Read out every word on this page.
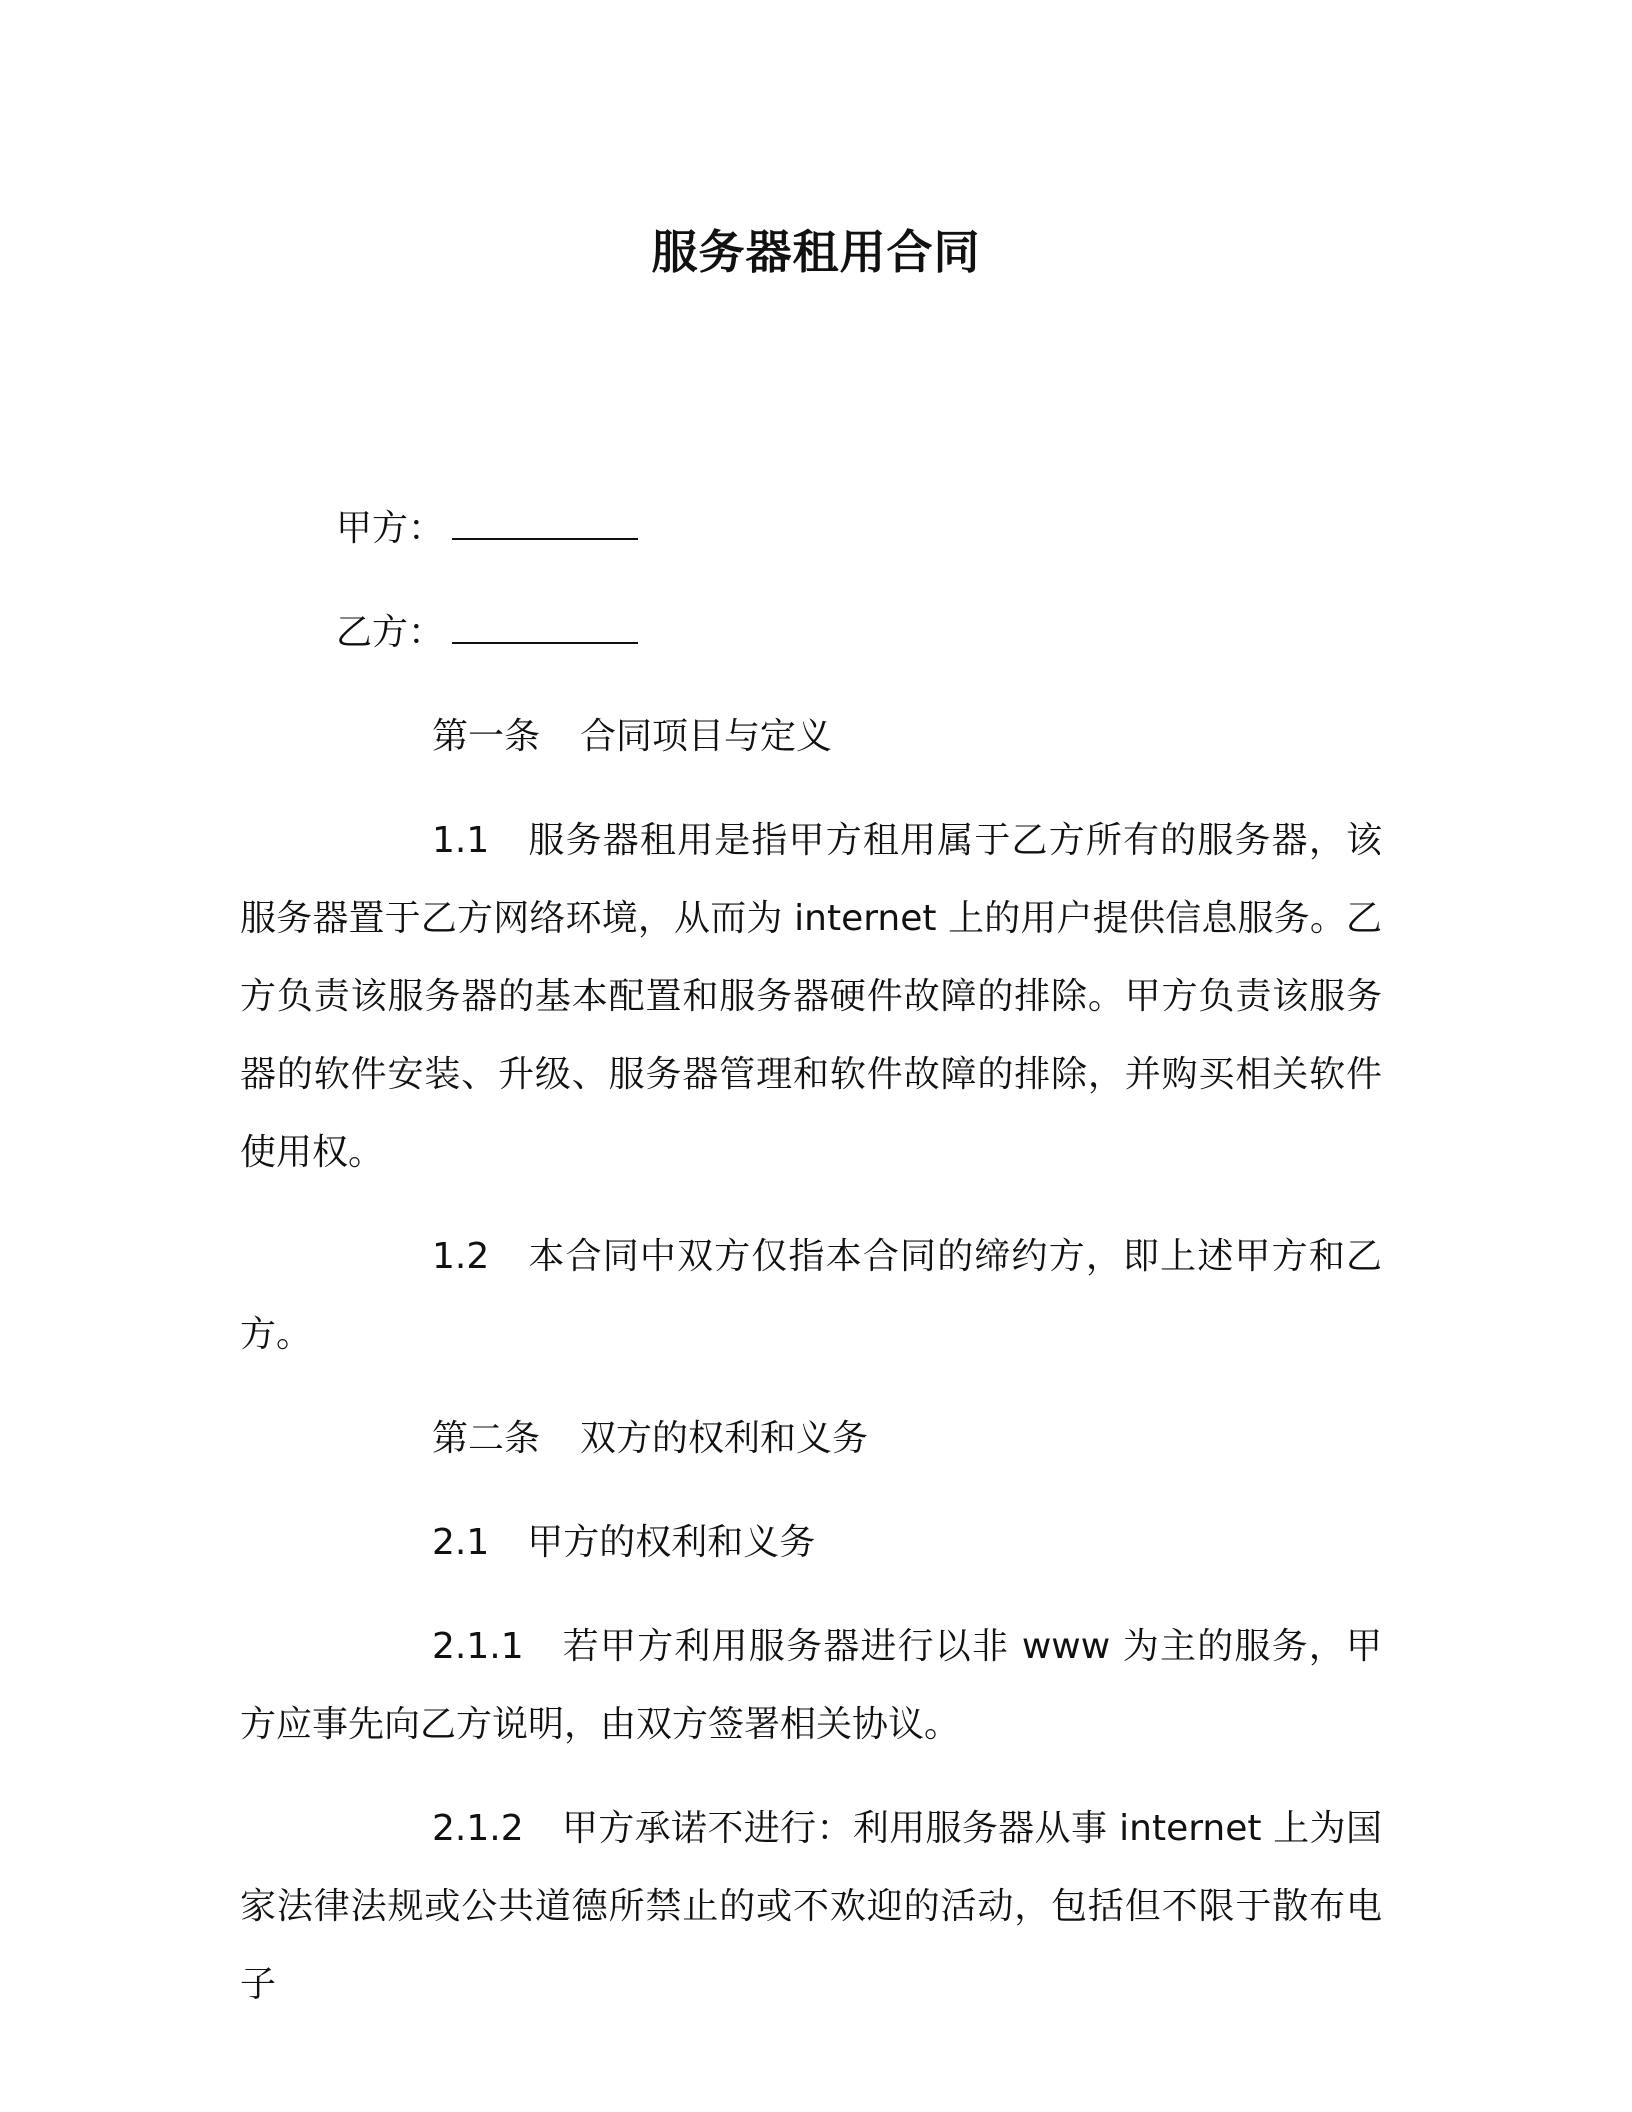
服务器租用合同

甲方：

乙方：

第一条 合同项目与定义

1.1 服务器租用是指甲方租用属于乙方所有的服务器，该服务器置于乙方网络环境，从而为 internet 上的用户提供信息服务。乙方负责该服务器的基本配置和服务器硬件故障的排除。甲方负责该服务器的软件安装、升级、服务器管理和软件故障的排除，并购买相关软件使用权。

1.2 本合同中双方仅指本合同的缔约方，即上述甲方和乙方。

第二条 双方的权利和义务

2.1 甲方的权利和义务

2.1.1 若甲方利用服务器进行以非 www 为主的服务，甲方应事先向乙方说明，由双方签署相关协议。

2.1.2 甲方承诺不进行：利用服务器从事 internet 上为国家法律法规或公共道德所禁止的或不欢迎的活动，包括但不限于散布电子
